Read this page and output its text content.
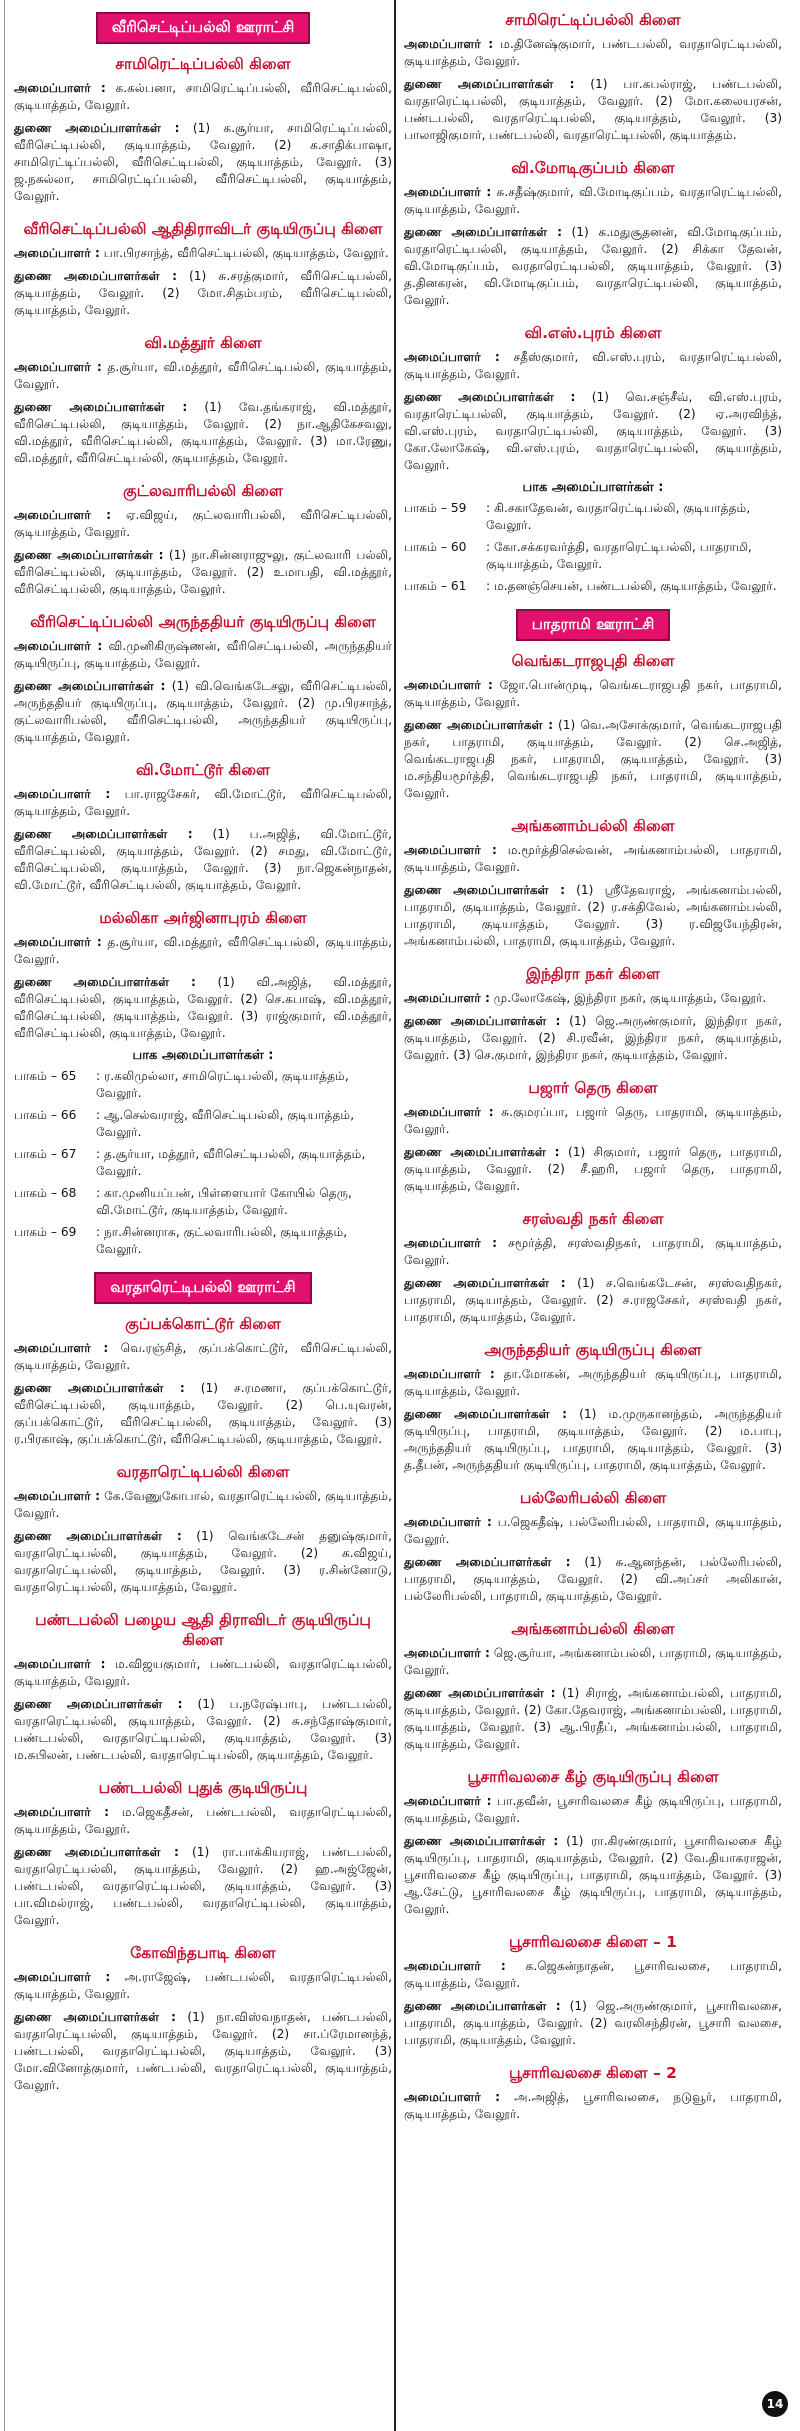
வீரிசெட்டிப்பல்லி ஊராட்சி
சாமிரெட்டிப்பல்லி கிளை
அமைப்பாளர் : க.கல்பனா, சாமிரெட்டிப்பல்லி, வீரிசெட்டிபல்லி, குடியாத்தம், வேலூர்.
துணை அமைப்பாளர்கள் : (1) க.சூர்யா, சாமிரெட்டிப்பல்லி, வீரிசெட்டிபல்லி, குடியாத்தம், வேலூர். (2) க.சாதிக்பாஷா, சாமிரெட்டிப்பல்லி, வீரிசெட்டிபல்லி, குடியாத்தம், வேலூர். (3) ஜ.நசுல்லா, சாமிரெட்டிப்பல்லி, வீரிசெட்டிபல்லி, குடியாத்தம், வேலூர்.
வீரிசெட்டிப்பல்லி ஆதிதிராவிடர் குடியிருப்பு கிளை
அமைப்பாளர் : பா.பிரசாந்த், வீரிசெட்டிபல்லி, குடியாத்தம், வேலூர்.
துணை அமைப்பாளர்கள் : (1) சு.சரத்குமார், வீரிசெட்டிபல்லி, குடியாத்தம், வேலூர். (2) மோ.சிதம்பரம், வீரிசெட்டிபல்லி, குடியாத்தம், வேலூர்.
வி.மத்தூர் கிளை
அமைப்பாளர் : த.சூர்யா, வி.மத்தூர், வீரிசெட்டிபல்லி, குடியாத்தம், வேலூர்.
துணை அமைப்பாளர்கள் : (1) வே.தங்கராஜ், வி.மத்தூர், வீரிசெட்டிபல்லி, குடியாத்தம், வேலூர். (2) நா.ஆதிகேசவலு, வி.மத்தூர், வீரிசெட்டிபல்லி, குடியாத்தம், வேலூர். (3) மா.ரேணு, வி.மத்தூர், வீரிசெட்டிபல்லி, குடியாத்தம், வேலூர்.
குட்லவாரிபல்லி கிளை
அமைப்பாளர் : ஏ.விஜய், குட்லவாரிபல்லி, வீரிசெட்டிபல்லி, குடியாத்தம், வேலூர்.
துணை அமைப்பாளர்கள் : (1) நா.சின்னராஜுலு, குட்லவாரி பல்லி, வீரிசெட்டிபல்லி, குடியாத்தம், வேலூர். (2) உமாபதி, வி.மத்தூர், வீரிசெட்டிபல்லி, குடியாத்தம், வேலூர்.
வீரிசெட்டிப்பல்லி அருந்ததியர் குடியிருப்பு கிளை
அமைப்பாளர் : வி.முனிகிருஷ்ணன், வீரிசெட்டிபல்லி, அருந்ததியர் குடியிருப்பு, குடியாத்தம், வேலூர்.
துணை அமைப்பாளர்கள் : (1) வி.வெங்கடேசலு, வீரிசெட்டிபல்லி, அருந்ததியர் குடியிருப்பு, குடியாத்தம், வேலூர். (2) மு.பிரசாந்த், குட்லவாரிபல்லி, வீரிசெட்டிபல்லி, அருந்ததியர் குடியிருப்பு, குடியாத்தம், வேலூர்.
வி.மோட்டூர் கிளை
அமைப்பாளர் : பா.ராஜசேகர், வி.மோட்டூர், வீரிசெட்டிபல்லி, குடியாத்தம், வேலூர்.
துணை அமைப்பாளர்கள் : (1) ப.அஜித், வி.மோட்டூர், வீரிசெட்டிபல்லி, குடியாத்தம், வேலூர். (2) சமது, வி.மோட்டூர், வீரிசெட்டிபல்லி, குடியாத்தம், வேலூர். (3) நா.ஜெகன்நாதன், வி.மோட்டூர், வீரிசெட்டிபல்லி, குடியாத்தம், வேலூர்.
மல்லிகா அர்ஜினாபுரம் கிளை
அமைப்பாளர் : த.சூர்யா, வி.மத்தூர், வீரிசெட்டிபல்லி, குடியாத்தம், வேலூர்.
துணை அமைப்பாளர்கள் : (1) வி.அஜித், வி.மத்தூர், வீரிசெட்டிபல்லி, குடியாத்தம், வேலூர். (2) செ.கபாஷ், வி.மத்தூர், வீரிசெட்டிபல்லி, குடியாத்தம், வேலூர். (3) ராஜ்குமார், வி.மத்தூர், வீரிசெட்டிபல்லி, குடியாத்தம், வேலூர்.
பாக அமைப்பாளர்கள் :
பாகம் – 65	: ர.கலிமுல்லா, சாமிரெட்டிபல்லி, குடியாத்தம், வேலூர்.
பாகம் – 66	: ஆ.செல்வராஜ், வீரிசெட்டிபல்லி, குடியாத்தம், வேலூர்.
பாகம் – 67	: த.சூர்யா, மத்தூர், வீரிசெட்டிபல்லி, குடியாத்தம், வேலூர்.
பாகம் – 68	: கா.முனியப்பன், பிள்ளையார் கோயில் தெரு, வி.மோட்டூர், குடியாத்தம், வேலூர்.
பாகம் – 69	: நா.சின்னராசு, குட்லவாரிபல்லி, குடியாத்தம், வேலூர்.
வரதாரெட்டிபல்லி ஊராட்சி
குப்பக்கொட்டூர் கிளை
அமைப்பாளர் : வெ.ரஞ்சித், குப்பக்கொட்டூர், வீரிசெட்டிபல்லி, குடியாத்தம், வேலூர்.
துணை அமைப்பாளர்கள் : (1) ச.ரமணா, குப்பக்கொட்டூர், வீரிசெட்டிபல்லி, குடியாத்தம், வேலூர். (2) பெ.யுவரன், குப்பக்கொட்டூர், வீரிசெட்டிபல்லி, குடியாத்தம், வேலூர். (3) ர.பிரகாஷ், குப்பக்கொட்டூர், வீரிசெட்டிபல்லி, குடியாத்தம், வேலூர்.
வரதாரெட்டிபல்லி கிளை
அமைப்பாளர் : கே.வேணுகோபால், வரதாரெட்டிபல்லி, குடியாத்தம், வேலூர்.
துணை அமைப்பாளர்கள் : (1) வெங்கடேசன் தனுஷ்குமார், வரதாரெட்டிபல்லி, குடியாத்தம், வேலூர். (2) க.விஜய், வரதாரெட்டிபல்லி, குடியாத்தம், வேலூர். (3) ர.சின்னோடு, வரதாரெட்டிபல்லி, குடியாத்தம், வேலூர்.
பண்டபல்லி பழைய ஆதி திராவிடர் குடியிருப்பு கிளை
அமைப்பாளர் : ம.விஜயகுமார், பண்டபல்லி, வரதாரெட்டிபல்லி, குடியாத்தம், வேலூர்.
துணை அமைப்பாளர்கள் : (1) ப.நரேஷ்பாபு, பண்டபல்லி, வரதாரெட்டிபல்லி, குடியாத்தம், வேலூர். (2) சு.சந்தோஷ்குமார், பண்டபல்லி, வரதாரெட்டிபல்லி, குடியாத்தம், வேலூர். (3) ம.சுபிலன், பண்டபல்லி, வரதாரெட்டிபல்லி, குடியாத்தம், வேலூர்.
பண்டபல்லி புதுக் குடியிருப்பு
அமைப்பாளர் : ம.ஜெகதீசன், பண்டபல்லி, வரதாரெட்டிபல்லி, குடியாத்தம், வேலூர்.
துணை அமைப்பாளர்கள் : (1) ரா.பாக்கியராஜ், பண்டபல்லி, வரதாரெட்டிபல்லி, குடியாத்தம், வேலூர். (2) ஹ.அஜ்ஜேன், பண்டபல்லி, வரதாரெட்டிபல்லி, குடியாத்தம், வேலூர். (3) பா.விமல்ராஜ், பண்டபல்லி, வரதாரெட்டிபல்லி, குடியாத்தம், வேலூர்.
கோவிந்தபாடி கிளை
அமைப்பாளர் : அ.ராஜேஷ், பண்டபல்லி, வரதாரெட்டிபல்லி, குடியாத்தம், வேலூர்.
துணை அமைப்பாளர்கள் : (1) நா.விஸ்வநாதன், பண்டபல்லி, வரதாரெட்டிபல்லி, குடியாத்தம், வேலூர். (2) சா.ப்ரேமானந்த், பண்டபல்லி, வரதாரெட்டிபல்லி, குடியாத்தம், வேலூர். (3) மோ.வினோத்குமார், பண்டபல்லி, வரதாரெட்டிபல்லி, குடியாத்தம், வேலூர்.
சாமிரெட்டிப்பல்லி கிளை
அமைப்பாளர் : ம.தினேஷ்குமார், பண்டபல்லி, வரதாரெட்டிபல்லி, குடியாத்தம், வேலூர்.
துணை அமைப்பாளர்கள் : (1) பா.கபல்ராஜ், பண்டபல்லி, வரதாரெட்டிபல்லி, குடியாத்தம், வேலூர். (2) மோ.கலையரசன், பண்டபல்லி, வரதாரெட்டிபல்லி, குடியாத்தம், வேலூர். (3) பாலாஜிகுமார், பண்டபல்லி, வரதாரெட்டிபல்லி, குடியாத்தம்.
வி.மோடிகுப்பம் கிளை
அமைப்பாளர் : சு.சதீஷ்குமார், வி.மோடிகுப்பம், வரதாரெட்டிபல்லி, குடியாத்தம், வேலூர்.
துணை அமைப்பாளர்கள் : (1) க.மதுசூதனன், வி.மோடிகுப்பம், வரதாரெட்டிபல்லி, குடியாத்தம், வேலூர். (2) சிக்கா தேவன், வி.மோடிகுப்பம், வரதாரெட்டிபல்லி, குடியாத்தம், வேலூர். (3) த.தினகரன், வி.மோடிகுப்பம், வரதாரெட்டிபல்லி, குடியாத்தம், வேலூர்.
வி.எஸ்.புரம் கிளை
அமைப்பாளர் : சதீஸ்குமார், வி.எஸ்.புரம், வரதாரெட்டிபல்லி, குடியாத்தம், வேலூர்.
துணை அமைப்பாளர்கள் : (1) வெ.சஞ்சீவ், வி.எஸ்.புரம், வரதாரெட்டிபல்லி, குடியாத்தம், வேலூர். (2) ஏ.அரவிந்த், வி.எஸ்.புரம், வரதாரெட்டிபல்லி, குடியாத்தம், வேலூர். (3) கோ.லோகேஷ், வி.எஸ்.புரம், வரதாரெட்டிபல்லி, குடியாத்தம், வேலூர்.
பாக அமைப்பாளர்கள் :
பாகம் – 59	: கி.சகாதேவன், வரதாரெட்டிபல்லி, குடியாத்தம், வேலூர்.
பாகம் – 60	: கோ.சக்கரவர்த்தி, வரதாரெட்டிபல்லி, பாதராமி, குடியாத்தம், வேலூர்.
பாகம் – 61	: ம.தனஞ்செயன், பண்டபல்லி, குடியாத்தம், வேலூர்.
பாதராமி ஊராட்சி
வெங்கடராஜபுதி கிளை
அமைப்பாளர் : ஜோ.பொன்முடி, வெங்கடராஜபதி நகர், பாதராமி, குடியாத்தம், வேலூர்.
துணை அமைப்பாளர்கள் : (1) வெ.அசோக்குமார், வெங்கடராஜபதி நகர், பாதராமி, குடியாத்தம், வேலூர். (2) செ.அஜித், வெங்கடராஜபதி நகர், பாதராமி, குடியாத்தம், வேலூர். (3) ம.சந்தியமூர்த்தி, வெங்கடராஜபதி நகர், பாதராமி, குடியாத்தம், வேலூர்.
அங்கனாம்பல்லி கிளை
அமைப்பாளர் : ம.மூர்த்திசெல்வன், அங்கனாம்பல்லி, பாதராமி, குடியாத்தம், வேலூர்.
துணை அமைப்பாளர்கள் : (1) ஸ்ரீதேவராஜ், அங்கனாம்பல்லி, பாதராமி, குடியாத்தம், வேலூர். (2) ர.சக்திவேல், அங்கனாம்பல்லி, பாதராமி, குடியாத்தம், வேலூர். (3) ர.விஜயேந்திரன், அங்கனாம்பல்லி, பாதராமி, குடியாத்தம், வேலூர்.
இந்திரா நகர் கிளை
அமைப்பாளர் : மு.லோகேஷ், இந்திரா நகர், குடியாத்தம், வேலூர்.
துணை அமைப்பாளர்கள் : (1) ஜெ.அருண்குமார், இந்திரா நகர், குடியாத்தம், வேலூர். (2) சி.ரவீன், இந்திரா நகர், குடியாத்தம், வேலூர். (3) செ.குமார், இந்திரா நகர், குடியாத்தம், வேலூர்.
பஜார் தெரு கிளை
அமைப்பாளர் : சு.குமரப்பா, பஜார் தெரு, பாதராமி, குடியாத்தம், வேலூர்.
துணை அமைப்பாளர்கள் : (1) சிகுமார், பஜார் தெரு, பாதராமி, குடியாத்தம், வேலூர். (2) சீ.ஹரி, பஜார் தெரு, பாதராமி, குடியாத்தம், வேலூர்.
சரஸ்வதி நகர் கிளை
அமைப்பாளர் : சமூர்த்தி, சரஸ்வதிநகர், பாதராமி, குடியாத்தம், வேலூர்.
துணை அமைப்பாளர்கள் : (1) ச.வெங்கடேசன், சரஸ்வதிநகர், பாதராமி, குடியாத்தம், வேலூர். (2) ச.ராஜசேகர், சரஸ்வதி நகர், பாதராமி, குடியாத்தம், வேலூர்.
அருந்ததியர் குடியிருப்பு கிளை
அமைப்பாளர் : தா.மோகன், அருந்ததியர் குடியிருப்பு, பாதராமி, குடியாத்தம், வேலூர்.
துணை அமைப்பாளர்கள் : (1) ம.முருகானந்தம், அருந்ததியர் குடியிருப்பு, பாதராமி, குடியாத்தம், வேலூர். (2) ம.பாபு, அருந்ததியர் குடியிருப்பு, பாதராமி, குடியாத்தம், வேலூர். (3) த.தீபன், அருந்ததியர் குடியிருப்பு, பாதராமி, குடியாத்தம், வேலூர்.
பல்லேரிபல்லி கிளை
அமைப்பாளர் : ப.ஜெகதீஷ், பல்லேரிபல்லி, பாதராமி, குடியாத்தம், வேலூர்.
துணை அமைப்பாளர்கள் : (1) சு.ஆனந்தன், பல்லேரிபல்லி, பாதராமி, குடியாத்தம், வேலூர். (2) வி.அப்சர் அலிகான், பல்லேரிபல்லி, பாதராமி, குடியாத்தம், வேலூர்.
அங்கனாம்பல்லி கிளை
அமைப்பாளர் : ஜெ.சூர்யா, அங்கனாம்பல்லி, பாதராமி, குடியாத்தம், வேலூர்.
துணை அமைப்பாளர்கள் : (1) சிராஜ், அங்கனாம்பல்லி, பாதராமி, குடியாத்தம், வேலூர். (2) கோ.தேவராஜ், அங்கனாம்பல்லி, பாதராமி, குடியாத்தம், வேலூர். (3) ஆ.பிரதீப், அங்கனாம்பல்லி, பாதராமி, குடியாத்தம், வேலூர்.
பூசாரிவலசை கீழ் குடியிருப்பு கிளை
அமைப்பாளர் : பா.தவீன், பூசாரிவலசை கீழ் குடியிருப்பு, பாதராமி, குடியாத்தம், வேலூர்.
துணை அமைப்பாளர்கள் : (1) ரா.கிரண்குமார், பூசாரிவலசை கீழ் குடியிருப்பு, பாதராமி, குடியாத்தம், வேலூர். (2) வே.தியாகராஜன், பூசாரிவலசை கீழ் குடியிருப்பு, பாதராமி, குடியாத்தம், வேலூர். (3) ஆ.சேட்டு, பூசாரிவலசை கீழ் குடியிருப்பு, பாதராமி, குடியாத்தம், வேலூர்.
பூசாரிவலசை கிளை – 1
அமைப்பாளர் : க.ஜெகன்நாதன், பூசாரிவலசை, பாதராமி, குடியாத்தம், வேலூர்.
துணை அமைப்பாளர்கள் : (1) ஜெ.அருண்குமார், பூசாரிவலசை, பாதராமி, குடியாத்தம், வேலூர். (2) வரலிசந்திரன், பூசாரி வலசை, பாதராமி, குடியாத்தம், வேலூர்.
பூசாரிவலசை கிளை – 2
அமைப்பாளர் : அ.அஜித், பூசாரிவலசை, நடுவூர், பாதராமி, குடியாத்தம், வேலூர்.
14
